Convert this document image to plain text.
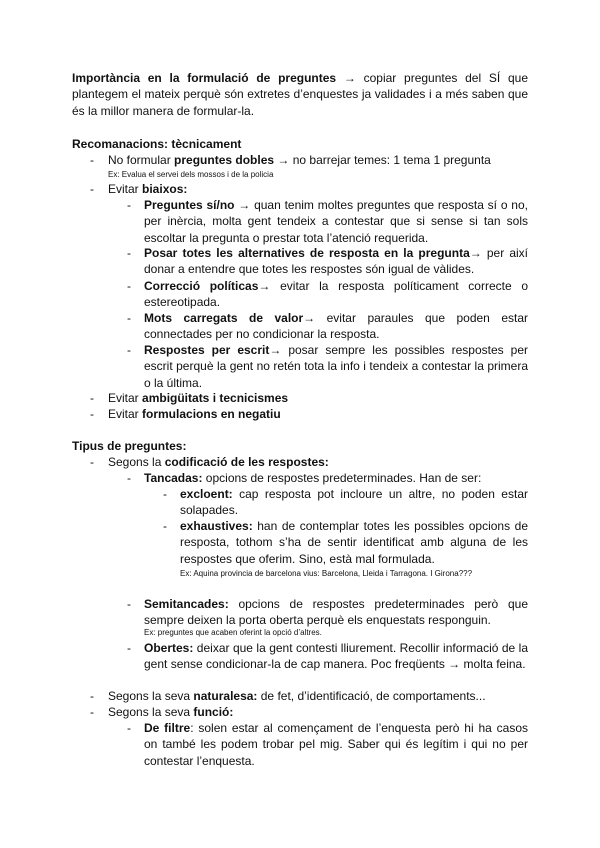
Importància en la formulació de preguntes → copiar preguntes del SÍ que plantegem el mateix perquè són extretes d’enquestes ja validades i a més saben que és la millor manera de formular-la.
Recomanacions: tècnicament
- No formular preguntes dobles → no barrejar temes: 1 tema 1 pregunta
Ex: Evalua el servei dels mossos i de la policia
- Evitar biaixos:
- Preguntes sí/no → quan tenim moltes preguntes que resposta sí o no, per inèrcia, molta gent tendeix a contestar que si sense si tan sols escoltar la pregunta o prestar tota l’atenció requerida.
- Posar totes les alternatives de resposta en la pregunta→ per així donar a entendre que totes les respostes són igual de vàlides.
- Correcció políticas→ evitar la resposta políticament correcte o estereotipada.
- Mots carregats de valor→ evitar paraules que poden estar connectades per no condicionar la resposta.
- Respostes per escrit→ posar sempre les possibles respostes per escrit perquè la gent no retén tota la info i tendeix a contestar la primera o la última.
- Evitar ambigüitats i tecnicismes
- Evitar formulacions en negatiu
Tipus de preguntes:
- Segons la codificació de les respostes:
- Tancadas: opcions de respostes predeterminades. Han de ser:
- excloent: cap resposta pot incloure un altre, no poden estar solapades.
- exhaustives: han de contemplar totes les possibles opcions de resposta, tothom s’ha de sentir identificat amb alguna de les respostes que oferim. Sino, està mal formulada.
Ex: Aquina provincia de barcelona vius: Barcelona, Lleida i Tarragona. I Girona???
- Semitancades: opcions de respostes predeterminades però que sempre deixen la porta oberta perquè els enquestats responguin.
Ex: preguntes que acaben oferint la opció d’altres.
- Obertes: deixar que la gent contesti lliurement. Recollir informació de la gent sense condicionar-la de cap manera. Poc freqüents → molta feina.
- Segons la seva naturalesa: de fet, d’identificació, de comportaments...
- Segons la seva funció:
- De filtre: solen estar al començament de l’enquesta però hi ha casos on també les podem trobar pel mig. Saber qui és legítim i qui no per contestar l’enquesta.
